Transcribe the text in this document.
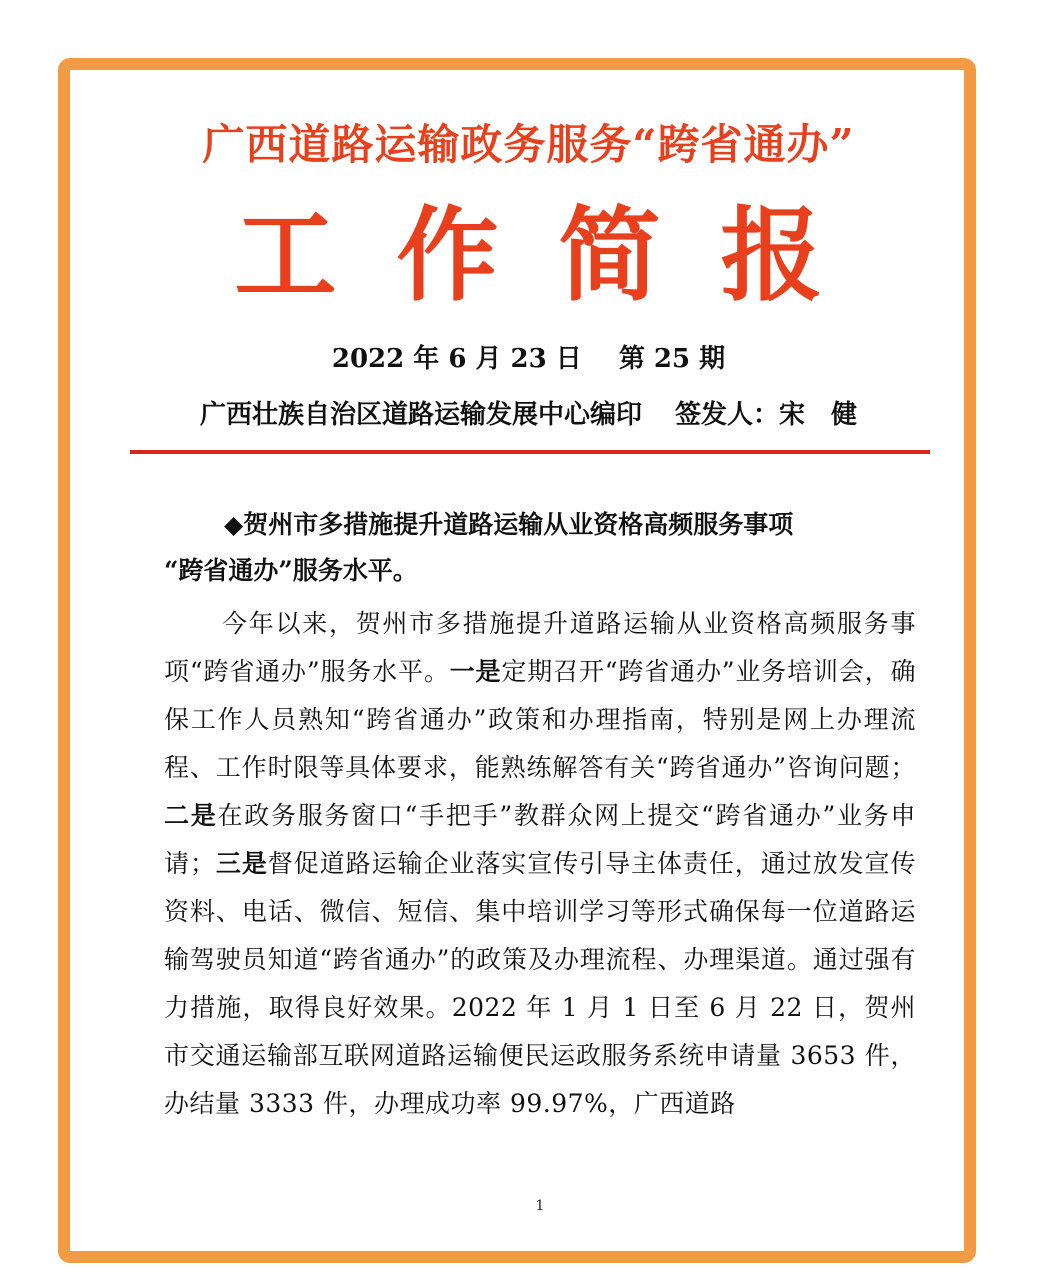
广西道路运输政务服务“跨省通办”
工作简报
2022 年 6 月 23 日 第 25 期
广西壮族自治区道路运输发展中心编印 签发人：宋　健
◆贺州市多措施提升道路运输从业资格高频服务事项
“跨省通办”服务水平。

今年以来，贺州市多措施提升道路运输从业资格高频服务事项“跨省通办”服务水平。一是定期召开“跨省通办”业务培训会，确保工作人员熟知“跨省通办”政策和办理指南，特别是网上办理流程、工作时限等具体要求，能熟练解答有关“跨省通办”咨询问题；二是在政务服务窗口“手把手”教群众网上提交“跨省通办”业务申请；三是督促道路运输企业落实宣传引导主体责任，通过放发宣传资料、电话、微信、短信、集中培训学习等形式确保每一位道路运输驾驶员知道“跨省通办”的政策及办理流程、办理渠道。通过强有力措施，取得良好效果。2022 年 1 月 1 日至 6 月 22 日，贺州市交通运输部互联网道路运输便民运政服务系统申请量 3653 件，办结量 3333 件，办理成功率 99.97%，广西道路

1
